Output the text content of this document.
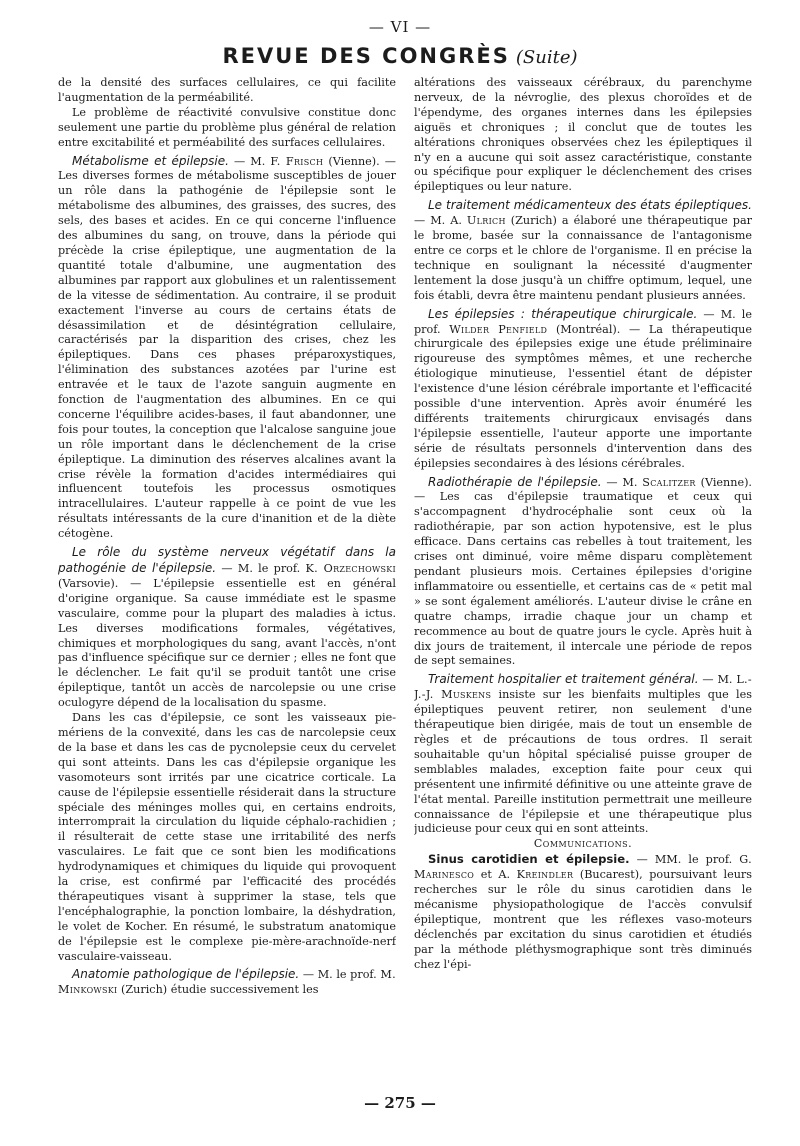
— VI —
REVUE DES CONGRÈS (Suite)

de la densité des surfaces cellulaires, ce qui facilite l'augmentation de la perméabilité.

Le problème de réactivité convulsive constitue donc seulement une partie du problème plus général de relation entre excitabilité et perméabilité des surfaces cellulaires.

Métabolisme et épilepsie. — M. F. Frisch (Vienne). — Les diverses formes de métabolisme susceptibles de jouer un rôle dans la pathogénie de l'épilepsie sont le métabolisme des albumines, des graisses, des sucres, des sels, des bases et acides. En ce qui concerne l'influence des albumines du sang, on trouve, dans la période qui précède la crise épileptique, une augmentation de la quantité totale d'albumine, une augmentation des albumines par rapport aux globulines et un ralentissement de la vitesse de sédimentation. Au contraire, il se produit exactement l'inverse au cours de certains états de désassimilation et de désintégration cellulaire, caractérisés par la disparition des crises, chez les épileptiques. Dans ces phases préparoxystiques, l'élimination des substances azotées par l'urine est entravée et le taux de l'azote sanguin augmente en fonction de l'augmentation des albumines. En ce qui concerne l'équilibre acides-bases, il faut abandonner, une fois pour toutes, la conception que l'alcalose sanguine joue un rôle important dans le déclenchement de la crise épileptique. La diminution des réserves alcalines avant la crise révèle la formation d'acides intermédiaires qui influencent toutefois les processus osmotiques intracellulaires. L'auteur rappelle à ce point de vue les résultats intéressants de la cure d'inanition et de la diète cétogène.

Le rôle du système nerveux végétatif dans la pathogénie de l'épilepsie. — M. le prof. K. Orzechowski (Varsovie). — L'épilepsie essentielle est en général d'origine organique. Sa cause immédiate est le spasme vasculaire, comme pour la plupart des maladies à ictus. Les diverses modifications formales, végétatives, chimiques et morphologiques du sang, avant l'accès, n'ont pas d'influence spécifique sur ce dernier ; elles ne font que le déclencher. Le fait qu'il se produit tantôt une crise épileptique, tantôt un accès de narcolepsie ou une crise oculogyre dépend de la localisation du spasme.

Dans les cas d'épilepsie, ce sont les vaisseaux pie-mériens de la convexité, dans les cas de narcolepsie ceux de la base et dans les cas de pycnolepsie ceux du cervelet qui sont atteints. Dans les cas d'épilepsie organique les vasomoteurs sont irrités par une cicatrice corticale. La cause de l'épilepsie essentielle résiderait dans la structure spéciale des méninges molles qui, en certains endroits, interromprait la circulation du liquide céphalo-rachidien ; il résulterait de cette stase une irritabilité des nerfs vasculaires. Le fait que ce sont bien les modifications hydrodynamiques et chimiques du liquide qui provoquent la crise, est confirmé par l'efficacité des procédés thérapeutiques visant à supprimer la stase, tels que l'encéphalographie, la ponction lombaire, la déshydration, le volet de Kocher. En résumé, le substratum anatomique de l'épilepsie est le complexe pie-mère-arachnoïde-nerf vasculaire-vaisseau.

Anatomie pathologique de l'épilepsie. — M. le prof. M. Minkowski (Zurich) étudie successivement les

altérations des vaisseaux cérébraux, du parenchyme nerveux, de la névroglie, des plexus choroïdes et de l'épendyme, des organes internes dans les épilepsies aiguës et chroniques ; il conclut que de toutes les altérations chroniques observées chez les épileptiques il n'y en a aucune qui soit assez caractéristique, constante ou spécifique pour expliquer le déclenchement des crises épileptiques ou leur nature.

Le traitement médicamenteux des états épileptiques. — M. A. Ulrich (Zurich) a élaboré une thérapeutique par le brome, basée sur la connaissance de l'antagonisme entre ce corps et le chlore de l'organisme. Il en précise la technique en soulignant la nécessité d'augmenter lentement la dose jusqu'à un chiffre optimum, lequel, une fois établi, devra être maintenu pendant plusieurs années.

Les épilepsies : thérapeutique chirurgicale. — M. le prof. Wilder Penfield (Montréal). — La thérapeutique chirurgicale des épilepsies exige une étude préliminaire rigoureuse des symptômes mêmes, et une recherche étiologique minutieuse, l'essentiel étant de dépister l'existence d'une lésion cérébrale importante et l'efficacité possible d'une intervention. Après avoir énuméré les différents traitements chirurgicaux envisagés dans l'épilepsie essentielle, l'auteur apporte une importante série de résultats personnels d'intervention dans des épilepsies secondaires à des lésions cérébrales.

Radiothérapie de l'épilepsie. — M. Scalitzer (Vienne). — Les cas d'épilepsie traumatique et ceux qui s'accompagnent d'hydrocéphalie sont ceux où la radiothérapie, par son action hypotensive, est le plus efficace. Dans certains cas rebelles à tout traitement, les crises ont diminué, voire même disparu complètement pendant plusieurs mois. Certaines épilepsies d'origine inflammatoire ou essentielle, et certains cas de « petit mal » se sont également améliorés. L'auteur divise le crâne en quatre champs, irradie chaque jour un champ et recommence au bout de quatre jours le cycle. Après huit à dix jours de traitement, il intercale une période de repos de sept semaines.

Traitement hospitalier et traitement général. — M. L.-J.-J. Muskens insiste sur les bienfaits multiples que les épileptiques peuvent retirer, non seulement d'une thérapeutique bien dirigée, mais de tout un ensemble de règles et de précautions de tous ordres. Il serait souhaitable qu'un hôpital spécialisé puisse grouper de semblables malades, exception faite pour ceux qui présentent une infirmité définitive ou une atteinte grave de l'état mental. Pareille institution permettrait une meilleure connaissance de l'épilepsie et une thérapeutique plus judicieuse pour ceux qui en sont atteints.

Communications.

Sinus carotidien et épilepsie. — MM. le prof. G. Marinesco et A. Kreindler (Bucarest), poursuivant leurs recherches sur le rôle du sinus carotidien dans le mécanisme physiopathologique de l'accès convulsif épileptique, montrent que les réflexes vaso-moteurs déclenchés par excitation du sinus carotidien et étudiés par la méthode pléthysmographique sont très diminués chez l'épi-

— 275 —
